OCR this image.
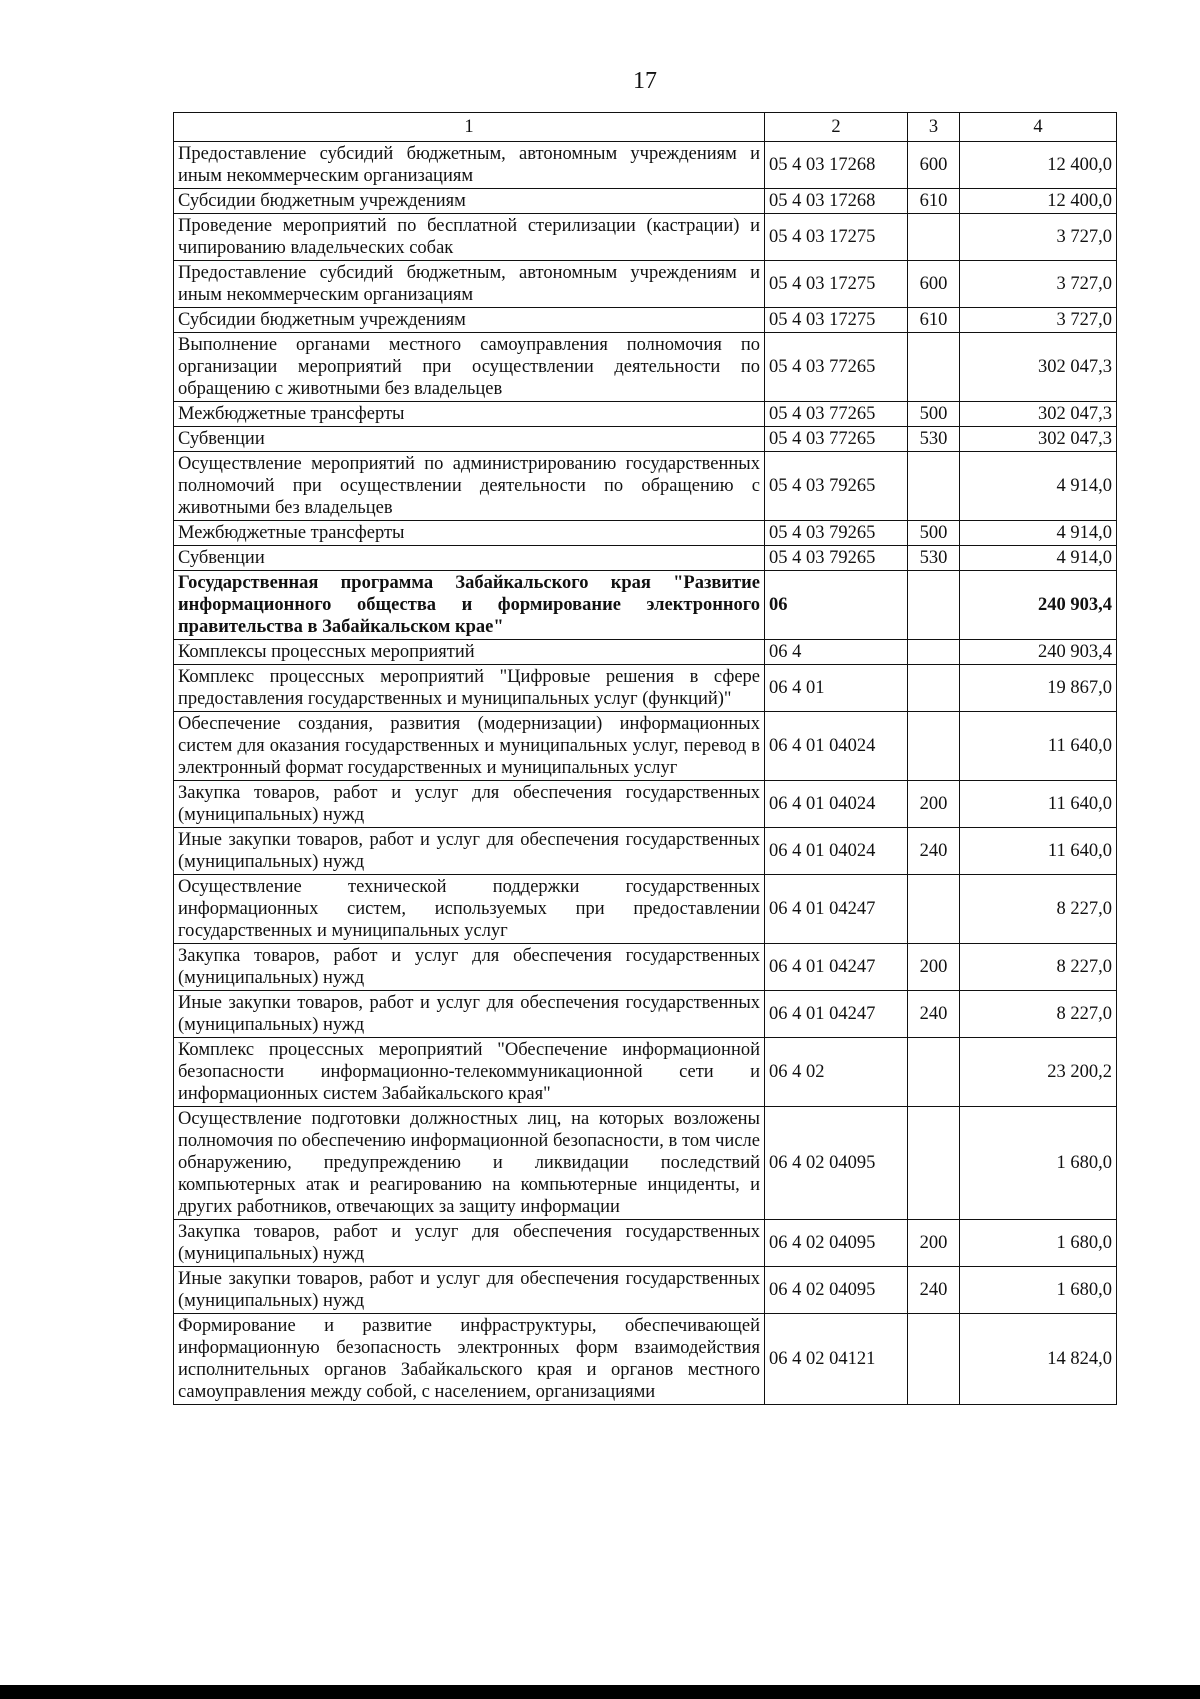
17
1	2	3	4
Предоставление субсидий бюджетным, автономным учреждениям и иным некоммерческим организациям	05 4 03 17268	600	12 400,0
Субсидии бюджетным учреждениям	05 4 03 17268	610	12 400,0
Проведение мероприятий по бесплатной стерилизации (кастрации) и чипированию владельческих собак	05 4 03 17275		3 727,0
Предоставление субсидий бюджетным, автономным учреждениям и иным некоммерческим организациям	05 4 03 17275	600	3 727,0
Субсидии бюджетным учреждениям	05 4 03 17275	610	3 727,0
Выполнение органами местного самоуправления полномочия по организации мероприятий при осуществлении деятельности по обращению с животными без владельцев	05 4 03 77265		302 047,3
Межбюджетные трансферты	05 4 03 77265	500	302 047,3
Субвенции	05 4 03 77265	530	302 047,3
Осуществление мероприятий по администрированию государственных полномочий при осуществлении деятельности по обращению с животными без владельцев	05 4 03 79265		4 914,0
Межбюджетные трансферты	05 4 03 79265	500	4 914,0
Субвенции	05 4 03 79265	530	4 914,0
Государственная программа Забайкальского края "Развитие информационного общества и формирование электронного правительства в Забайкальском крае"	06		240 903,4
Комплексы процессных мероприятий	06 4		240 903,4
Комплекс процессных мероприятий "Цифровые решения в сфере предоставления государственных и муниципальных услуг (функций)"	06 4 01		19 867,0
Обеспечение создания, развития (модернизации) информационных систем для оказания государственных и муниципальных услуг, перевод в электронный формат государственных и муниципальных услуг	06 4 01 04024		11 640,0
Закупка товаров, работ и услуг для обеспечения государственных (муниципальных) нужд	06 4 01 04024	200	11 640,0
Иные закупки товаров, работ и услуг для обеспечения государственных (муниципальных) нужд	06 4 01 04024	240	11 640,0
Осуществление технической поддержки государственных информационных систем, используемых при предоставлении государственных и муниципальных услуг	06 4 01 04247		8 227,0
Закупка товаров, работ и услуг для обеспечения государственных (муниципальных) нужд	06 4 01 04247	200	8 227,0
Иные закупки товаров, работ и услуг для обеспечения государственных (муниципальных) нужд	06 4 01 04247	240	8 227,0
Комплекс процессных мероприятий "Обеспечение информационной безопасности информационно-телекоммуникационной сети и информационных систем Забайкальского края"	06 4 02		23 200,2
Осуществление подготовки должностных лиц, на которых возложены полномочия по обеспечению информационной безопасности, в том числе обнаружению, предупреждению и ликвидации последствий компьютерных атак и реагированию на компьютерные инциденты, и других работников, отвечающих за защиту информации	06 4 02 04095		1 680,0
Закупка товаров, работ и услуг для обеспечения государственных (муниципальных) нужд	06 4 02 04095	200	1 680,0
Иные закупки товаров, работ и услуг для обеспечения государственных (муниципальных) нужд	06 4 02 04095	240	1 680,0
Формирование и развитие инфраструктуры, обеспечивающей информационную безопасность электронных форм взаимодействия исполнительных органов Забайкальского края и органов местного самоуправления между собой, с населением, организациями	06 4 02 04121		14 824,0
